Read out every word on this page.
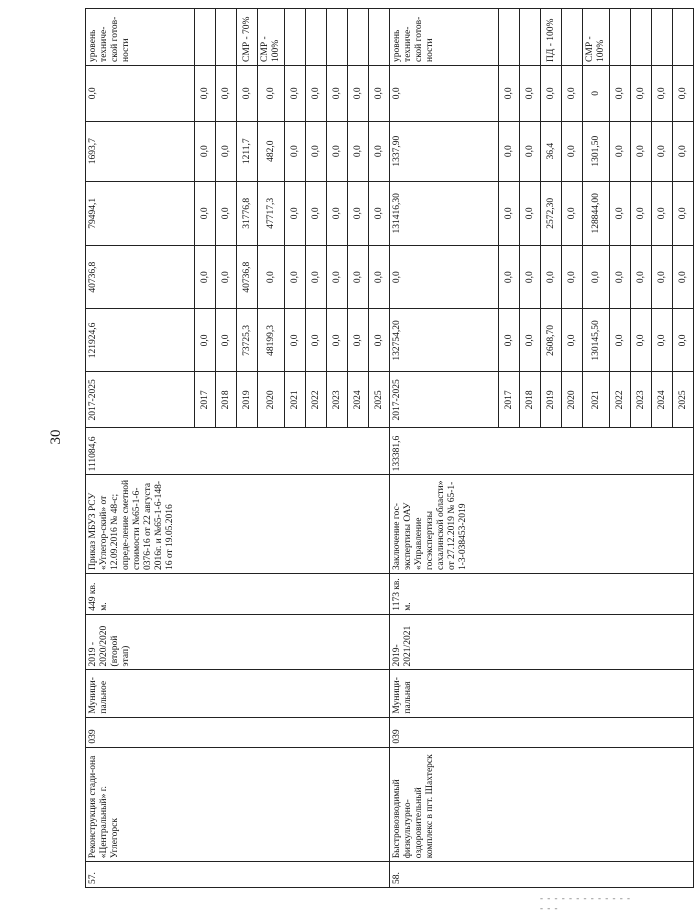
30
57.	Реконструкция стади-она «Центральный» г. Углегорск	039	Муници-пальное	2019 - 2020/2020 (второй этап)	449 кв. м.	Приказ МБУЗ РСУ «Углегор-ский» от 12.09.2016 № 48-с; опреде-ление сметной стоимости №65-1-6-0376-16 от 22 августа 2016г. и №65-1-6-148-16 от 19.05.2016	111084,6	2017-2025	121924,6	40736,8	79494,1	1693,7	0,0	уровень техниче-ской готов-ности
								2017	0,0	0,0	0,0	0,0	0,0	
								2018	0,0	0,0	0,0	0,0	0,0	
								2019	73725,3	40736,8	31776,8	1211,7	0,0	СМР - 70%
								2020	48199,3	0,0	47717,3	482,0	0,0	СМР - 100%
								2021	0,0	0,0	0,0	0,0	0,0	
								2022	0,0	0,0	0,0	0,0	0,0	
								2023	0,0	0,0	0,0	0,0	0,0	
								2024	0,0	0,0	0,0	0,0	0,0	
								2025	0,0	0,0	0,0	0,0	0,0	
58.	Быстровозводимый физкультурно-оздоровительный комплекс в пгт. Шахтерск	039	Муници-пальная	2019-2021/2021	1173 кв. м.	Заключение гос-экспертизы ОАУ «Управление госэкспертизы сахалинской области» от 27.12.2019 № 65-1-1-3-038453-2019	133381,6	2017-2025	132754,20	0,0	131416,30	1337,90	0,0	уровень техниче-ской готов-ности
								2017	0,0	0,0	0,0	0,0	0,0	
								2018	0,0	0,0	0,0	0,0	0,0	
								2019	2608,70	0,0	2572,30	36,4	0,0	ПД - 100%
								2020	0,0	0,0	0,0	0,0	0,0	
								2021	130145,50	0,0	128844,00	1301,50	0	СМР - 100%
								2022	0,0	0,0	0,0	0,0	0,0	
								2023	0,0	0,0	0,0	0,0	0,0	
								2024	0,0	0,0	0,0	0,0	0,0	
								2025	0,0	0,0	0,0	0,0	0,0	
- - - - - - - - - - - - - - - -
